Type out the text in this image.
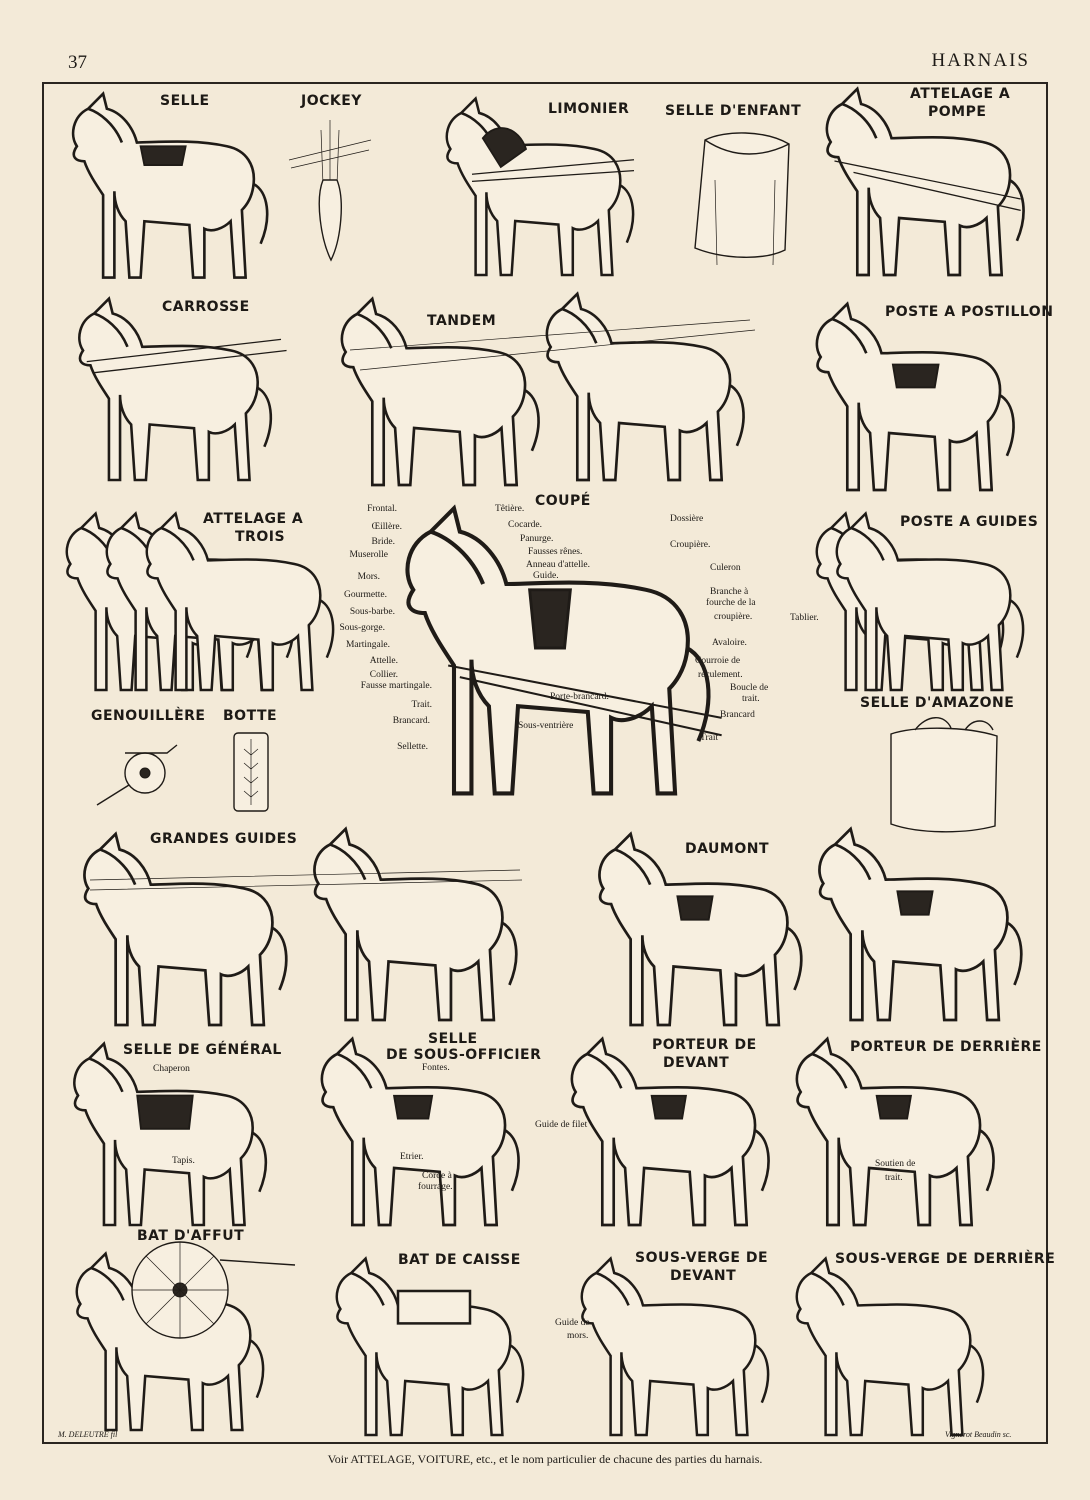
37	HARNAIS
SELLE	JOCKEY	LIMONIER	SELLE D'ENFANT
ATTELAGE A
POMPE
CARROSSE
TANDEM
POSTE A POSTILLON
ATTELAGE A
TROIS
COUPÉ
Frontal.
Œillère.
Bride.
Muserolle
Mors.
Gourmette.
Sous-barbe.
Sous-gorge.
Martingale.
Attelle.
Collier.
Fausse martingale.
Trait.
Brancard.
Sellette.
Têtière.
Cocarde.
Panurge.
Fausses rênes.
Anneau d'attelle.
Guide.
Dossière
Croupière.
Culeron
Branche à
fourche de la
croupière.
Avaloire.
Courroie de
reculement.
Boucle de
trait.
Brancard
Trait
Porte-brancard.
Sous-ventrière
POSTE A GUIDES
Tablier.
GENOUILLÈRE BOTTE
SELLE D'AMAZONE
GRANDES GUIDES
DAUMONT
SELLE DE GÉNÉRAL
Chaperon
Tapis.
SELLE
DE SOUS-OFFICIER
Fontes.
Etrier.
Corde à
fourrage.
PORTEUR DE
DEVANT
Guide de filet
PORTEUR DE DERRIÈRE
Soutien de
trait.
BAT D'AFFUT
BAT DE CAISSE	SOUS-VERGE DE
DEVANT
Guide de
mors.
SOUS-VERGE DE DERRIÈRE
M. DELEUTRE fil	Vignerot Beaudin sc.
Voir ATTELAGE, VOITURE, etc., et le nom particulier de chacune des parties du harnais.
